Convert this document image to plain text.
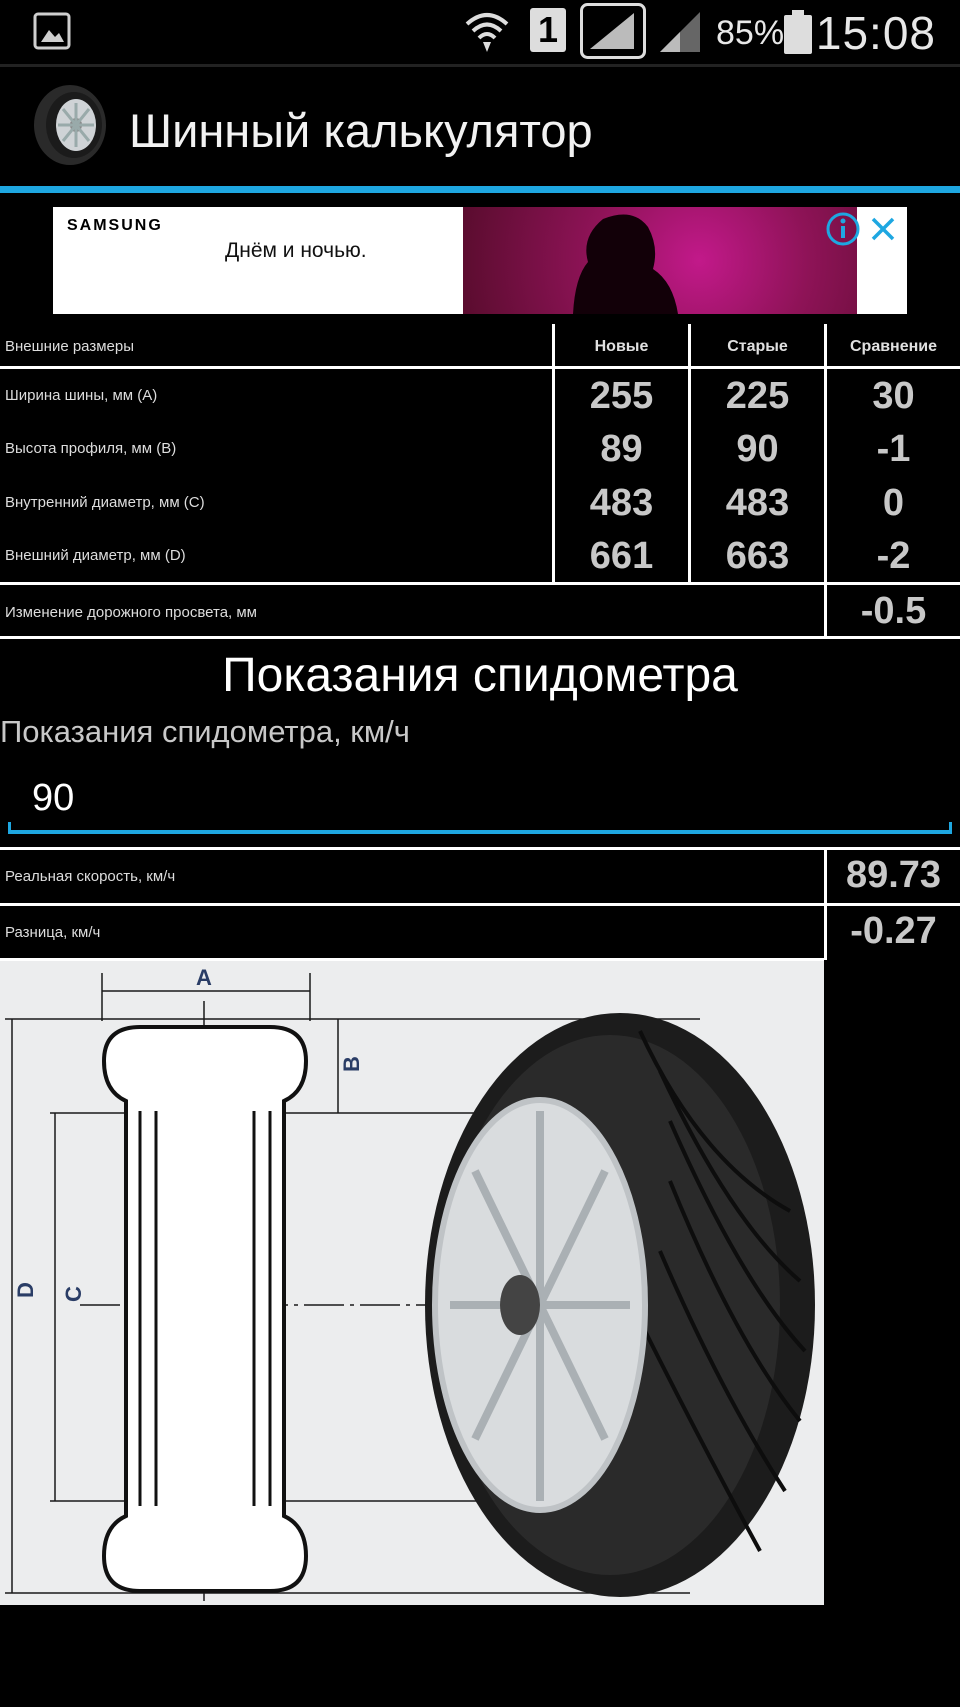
1	85% 15:08
Шинный калькулятор
SAMSUNG
Днём и ночью.
Внешние размеры	Новые	Старые	Сравнение
Ширина шины, мм (A)	255	225	30
Высота профиля, мм (B)	89	90	-1
Внутренний диаметр, мм (C)	483	483	0
Внешний диаметр, мм (D)	661	663	-2
Изменение дорожного просвета, мм	-0.5
Реальная скорость, км/ч	89.73
Разница, км/ч	-0.27
Показания спидометра
Показания спидометра, км/ч
90
A
B
C
D
